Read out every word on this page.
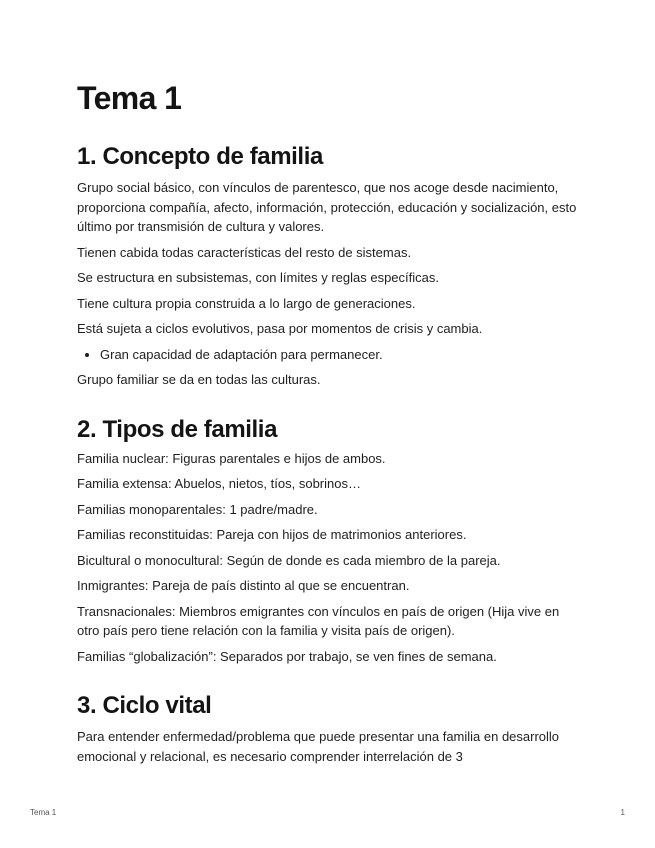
Tema 1
1. Concepto de familia

Grupo social básico, con vínculos de parentesco, que nos acoge desde nacimiento, proporciona compañía, afecto, información, protección, educación y socialización, esto último por transmisión de cultura y valores.

Tienen cabida todas características del resto de sistemas.

Se estructura en subsistemas, con límites y reglas específicas.

Tiene cultura propia construida a lo largo de generaciones.

Está sujeta a ciclos evolutivos, pasa por momentos de crisis y cambia.

• Gran capacidad de adaptación para permanecer.

Grupo familiar se da en todas las culturas.

2. Tipos de familia

Familia nuclear: Figuras parentales e hijos de ambos.

Familia extensa: Abuelos, nietos, tíos, sobrinos…

Familias monoparentales: 1 padre/madre.

Familias reconstituidas: Pareja con hijos de matrimonios anteriores.

Bicultural o monocultural: Según de donde es cada miembro de la pareja.

Inmigrantes: Pareja de país distinto al que se encuentran.

Transnacionales: Miembros emigrantes con vínculos en país de origen (Hija vive en otro país pero tiene relación con la familia y visita país de origen).

Familias “globalización”: Separados por trabajo, se ven fines de semana.

3. Ciclo vital

Para entender enfermedad/problema que puede presentar una familia en desarrollo emocional y relacional, es necesario comprender interrelación de 3

Tema 1	1
